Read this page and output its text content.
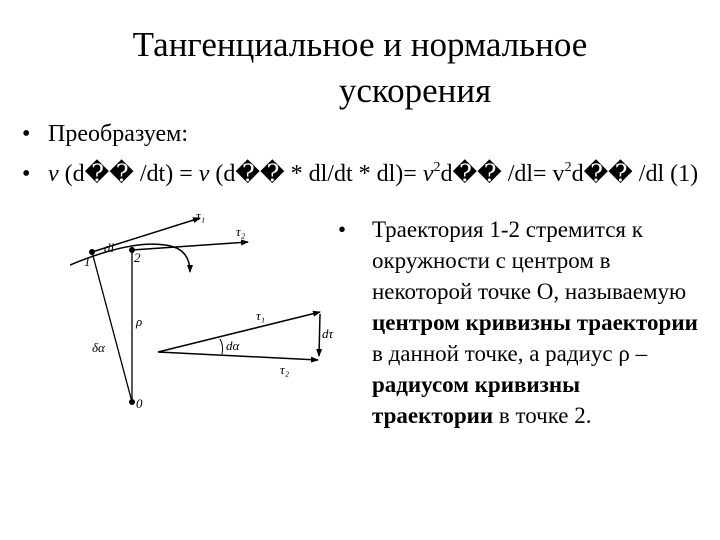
Тангенциальное и нормальное
ускорения
• Преобразуем:
• v (d�� /dt) = v (d�� * $dl/dt * dl)= v^2d��$ $/dl= v^2d��$ /dl (1)
τ₁
τ₂
dl
1	2
ρ
δα
τ₁
dα
dτ
τ₂
0
•	Траектория 1-2 стремится к окружности с центром в некоторой точке О, называемую центром кривизны траектории в данной точке, а радиус ρ – радиусом кривизны траектории в точке 2.
